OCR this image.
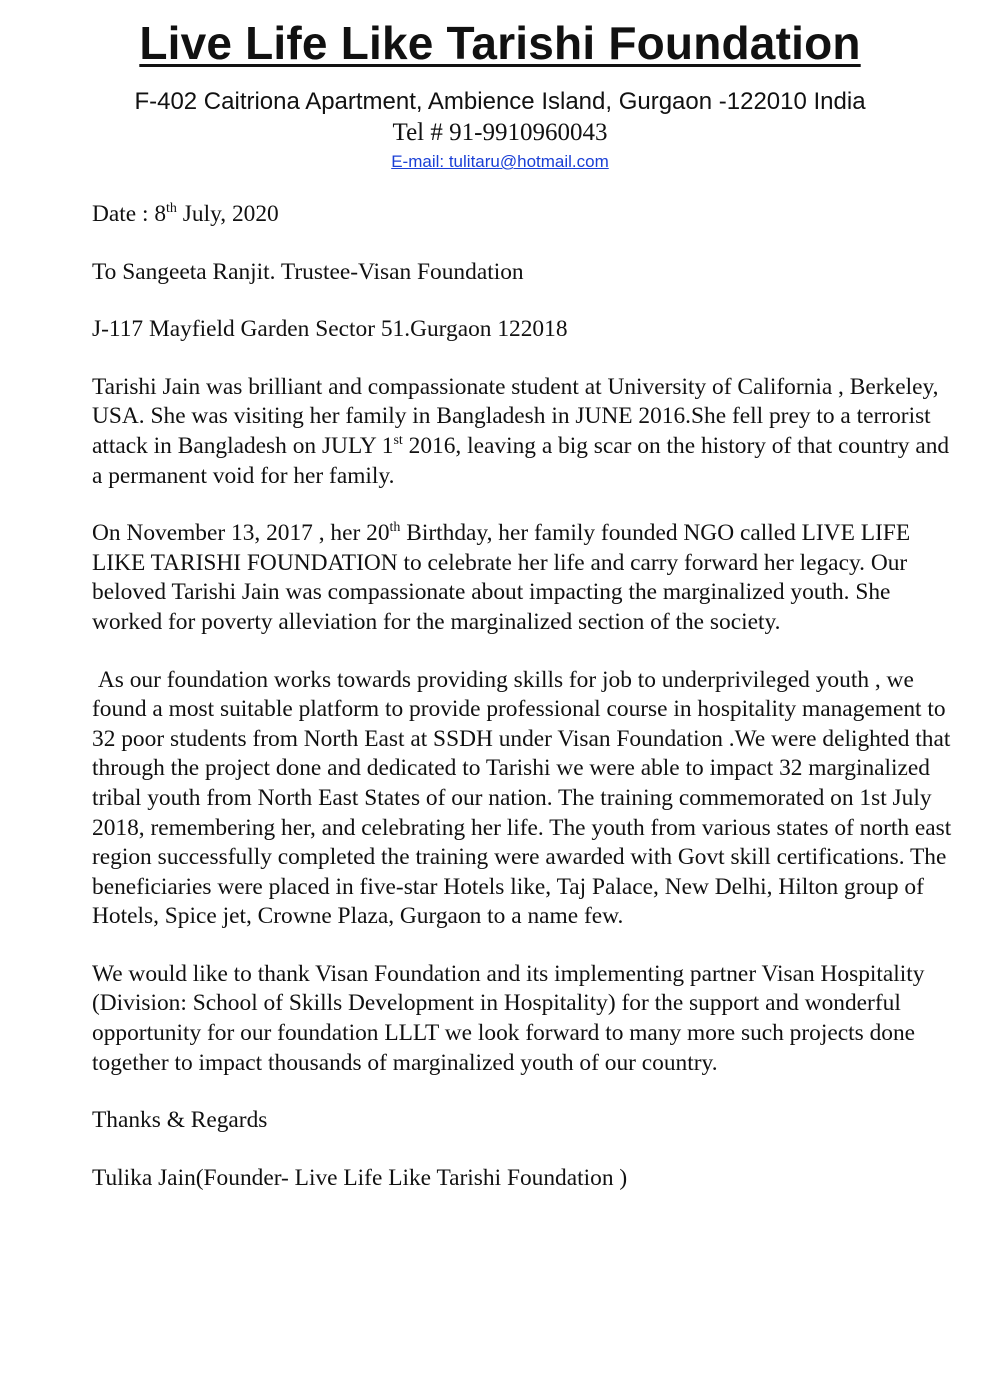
Live Life Like Tarishi Foundation
F-402 Caitriona Apartment, Ambience Island, Gurgaon -122010 India
Tel # 91-9910960043
E-mail: tulitaru@hotmail.com

Date : 8th July, 2020

To Sangeeta Ranjit. Trustee-Visan Foundation

J-117 Mayfield Garden Sector 51.Gurgaon 122018

Tarishi Jain was brilliant and compassionate student at University of California , Berkeley, USA. She was visiting her family in Bangladesh in JUNE 2016.She fell prey to a terrorist attack in Bangladesh on JULY 1st 2016, leaving a big scar on the history of that country and a permanent void for her family.

On November 13, 2017 , her 20th Birthday, her family founded NGO called LIVE LIFE LIKE TARISHI FOUNDATION to celebrate her life and carry forward her legacy. Our beloved Tarishi Jain was compassionate about impacting the marginalized youth. She worked for poverty alleviation for the marginalized section of the society.

As our foundation works towards providing skills for job to underprivileged youth , we found a most suitable platform to provide professional course in hospitality management to 32 poor students from North East at SSDH under Visan Foundation .We were delighted that through the project done and dedicated to Tarishi we were able to impact 32 marginalized tribal youth from North East States of our nation. The training commemorated on 1st July 2018, remembering her, and celebrating her life. The youth from various states of north east region successfully completed the training were awarded with Govt skill certifications. The beneficiaries were placed in five-star Hotels like, Taj Palace, New Delhi, Hilton group of Hotels, Spice jet, Crowne Plaza, Gurgaon to a name few.

We would like to thank Visan Foundation and its implementing partner Visan Hospitality (Division: School of Skills Development in Hospitality) for the support and wonderful opportunity for our foundation LLLT we look forward to many more such projects done together to impact thousands of marginalized youth of our country.

Thanks & Regards

Tulika Jain(Founder- Live Life Like Tarishi Foundation )
